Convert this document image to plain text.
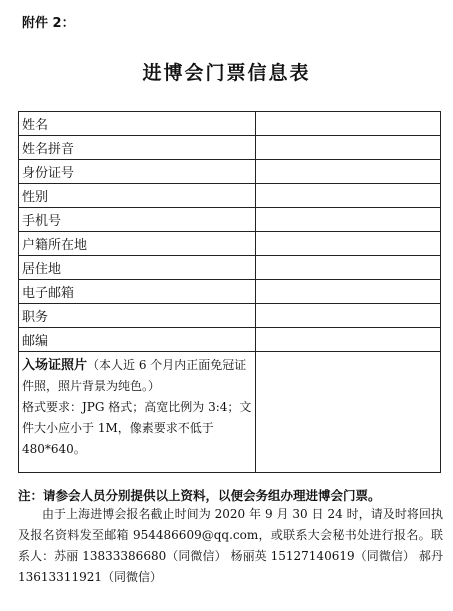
附件 2：
进博会门票信息表
姓名	
姓名拼音	
身份证号	
性别	
手机号	
户籍所在地	
居住地	
电子邮箱	
职务	
邮编	

入场证照片（本人近 6 个月内正面免冠证件照，照片背景为纯色。）
格式要求：JPG 格式；高宽比例为 3:4；文件大小应小于 1M，像素要求不低于 480*640。	

注：请参会人员分别提供以上资料，以便会务组办理进博会门票。
由于上海进博会报名截止时间为 2020 年 9 月 30 日 24 时，请及时将回执及报名资料发至邮箱 954486609@qq.com，或联系大会秘书处进行报名。联系人：苏丽 13833386680（同微信） 杨丽英 15127140619（同微信） 郝丹 13613311921（同微信）
